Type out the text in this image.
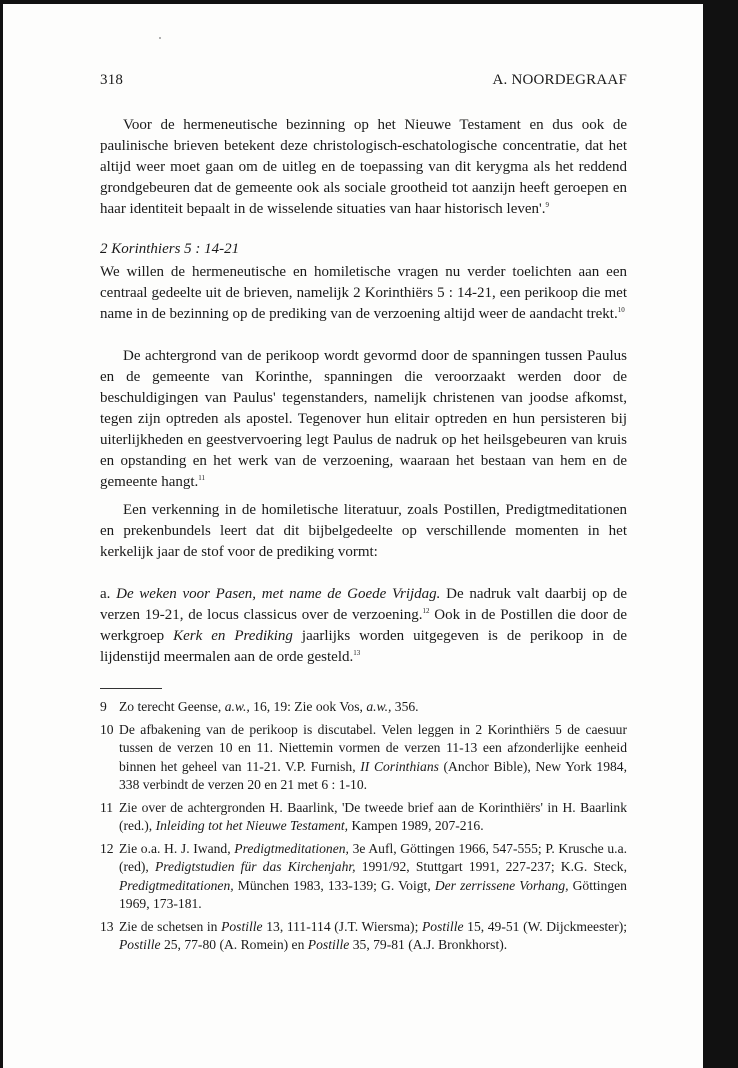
318	A. NOORDEGRAAF

Voor de hermeneutische bezinning op het Nieuwe Testament en dus ook de paulinische brieven betekent deze christologisch-eschatologische concentratie, dat het altijd weer moet gaan om de uitleg en de toepassing van dit kerygma als het reddend grondgebeuren dat de gemeente ook als sociale grootheid tot aanzijn heeft geroepen en haar identiteit bepaalt in de wisselende situaties van haar historisch leven'.$^9$

2 Korinthiers 5 : 14-21

We willen de hermeneutische en homiletische vragen nu verder toelichten aan een centraal gedeelte uit de brieven, namelijk 2 Korinthiërs 5 : 14-21, een perikoop die met name in de bezinning op de prediking van de verzoening altijd weer de aandacht trekt.$^{10}$

De achtergrond van de perikoop wordt gevormd door de spanningen tussen Paulus en de gemeente van Korinthe, spanningen die veroorzaakt werden door de beschuldigingen van Paulus' tegenstanders, namelijk christenen van joodse afkomst, tegen zijn optreden als apostel. Tegenover hun elitair optreden en hun persisteren bij uiterlijkheden en geestvervoering legt Paulus de nadruk op het heilsgebeuren van kruis en opstanding en het werk van de verzoening, waaraan het bestaan van hem en de gemeente hangt.$^{11}$

Een verkenning in de homiletische literatuur, zoals Postillen, Predigtmeditationen en prekenbundels leert dat dit bijbelgedeelte op verschillende momenten in het kerkelijk jaar de stof voor de prediking vormt:

a. De weken voor Pasen, met name de Goede Vrijdag. De nadruk valt daarbij op de verzen 19-21, de locus classicus over de verzoening.$^{12}$ Ook in de Postillen die door de werkgroep Kerk en Prediking jaarlijks worden uitgegeven is de perikoop in de lijdenstijd meermalen aan de orde gesteld.$^{13}$

9 Zo terecht Geense, a.w., 16, 19: Zie ook Vos, a.w., 356.
10 De afbakening van de perikoop is discutabel. Velen leggen in 2 Korinthiërs 5 de caesuur tussen de verzen 10 en 11. Niettemin vormen de verzen 11-13 een afzonderlijke eenheid binnen het geheel van 11-21. V.P. Furnish, II Corinthians (Anchor Bible), New York 1984, 338 verbindt de verzen 20 en 21 met 6 : 1-10.
11 Zie over de achtergronden H. Baarlink, 'De tweede brief aan de Korinthiërs' in H. Baarlink (red.), Inleiding tot het Nieuwe Testament, Kampen 1989, 207-216.
12 Zie o.a. H. J. Iwand, Predigtmeditationen, 3e Aufl, Göttingen 1966, 547-555; P. Krusche u.a.(red), Predigtstudien für das Kirchenjahr, 1991/92, Stuttgart 1991, 227-237; K.G. Steck, Predigtmeditationen, München 1983, 133-139; G. Voigt, Der zerrissene Vorhang, Göttingen 1969, 173-181.
13 Zie de schetsen in Postille 13, 111-114 (J.T. Wiersma); Postille 15, 49-51 (W. Dijckmeester); Postille 25, 77-80 (A. Romein) en Postille 35, 79-81 (A.J. Bronkhorst).
